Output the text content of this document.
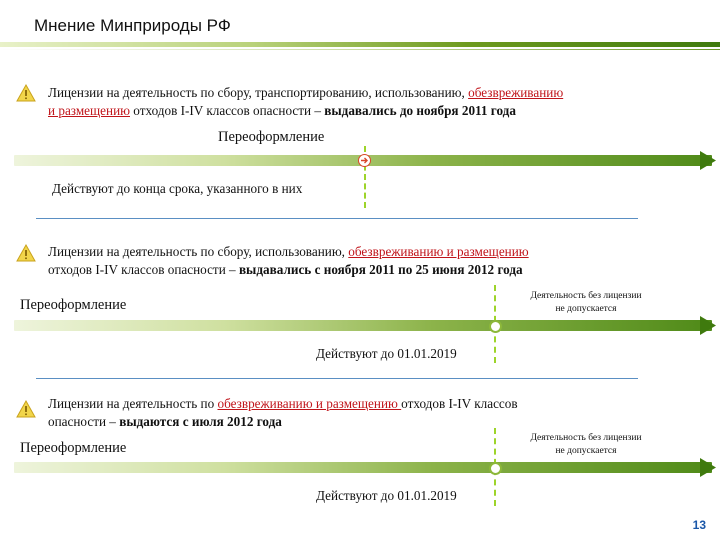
Мнение Минприроды РФ
Лицензии на деятельность по сбору, транспортированию, использованию, обезвреживанию
и размещению отходов I-IV классов опасности – выдавались до ноября 2011 года
Переоформление
Действуют до конца срока, указанного в них
Лицензии на деятельность по сбору, использованию, обезвреживанию и размещению
отходов I-IV классов опасности – выдавались с ноября 2011 по 25 июня 2012 года
Переоформление
Деятельность без лицензии
не допускается
Действуют до 01.01.2019
Лицензии на деятельность по обезвреживанию и размещению отходов I-IV классов
опасности – выдаются с июля 2012 года
Переоформление
Деятельность без лицензии
не допускается
Действуют до 01.01.2019
13
